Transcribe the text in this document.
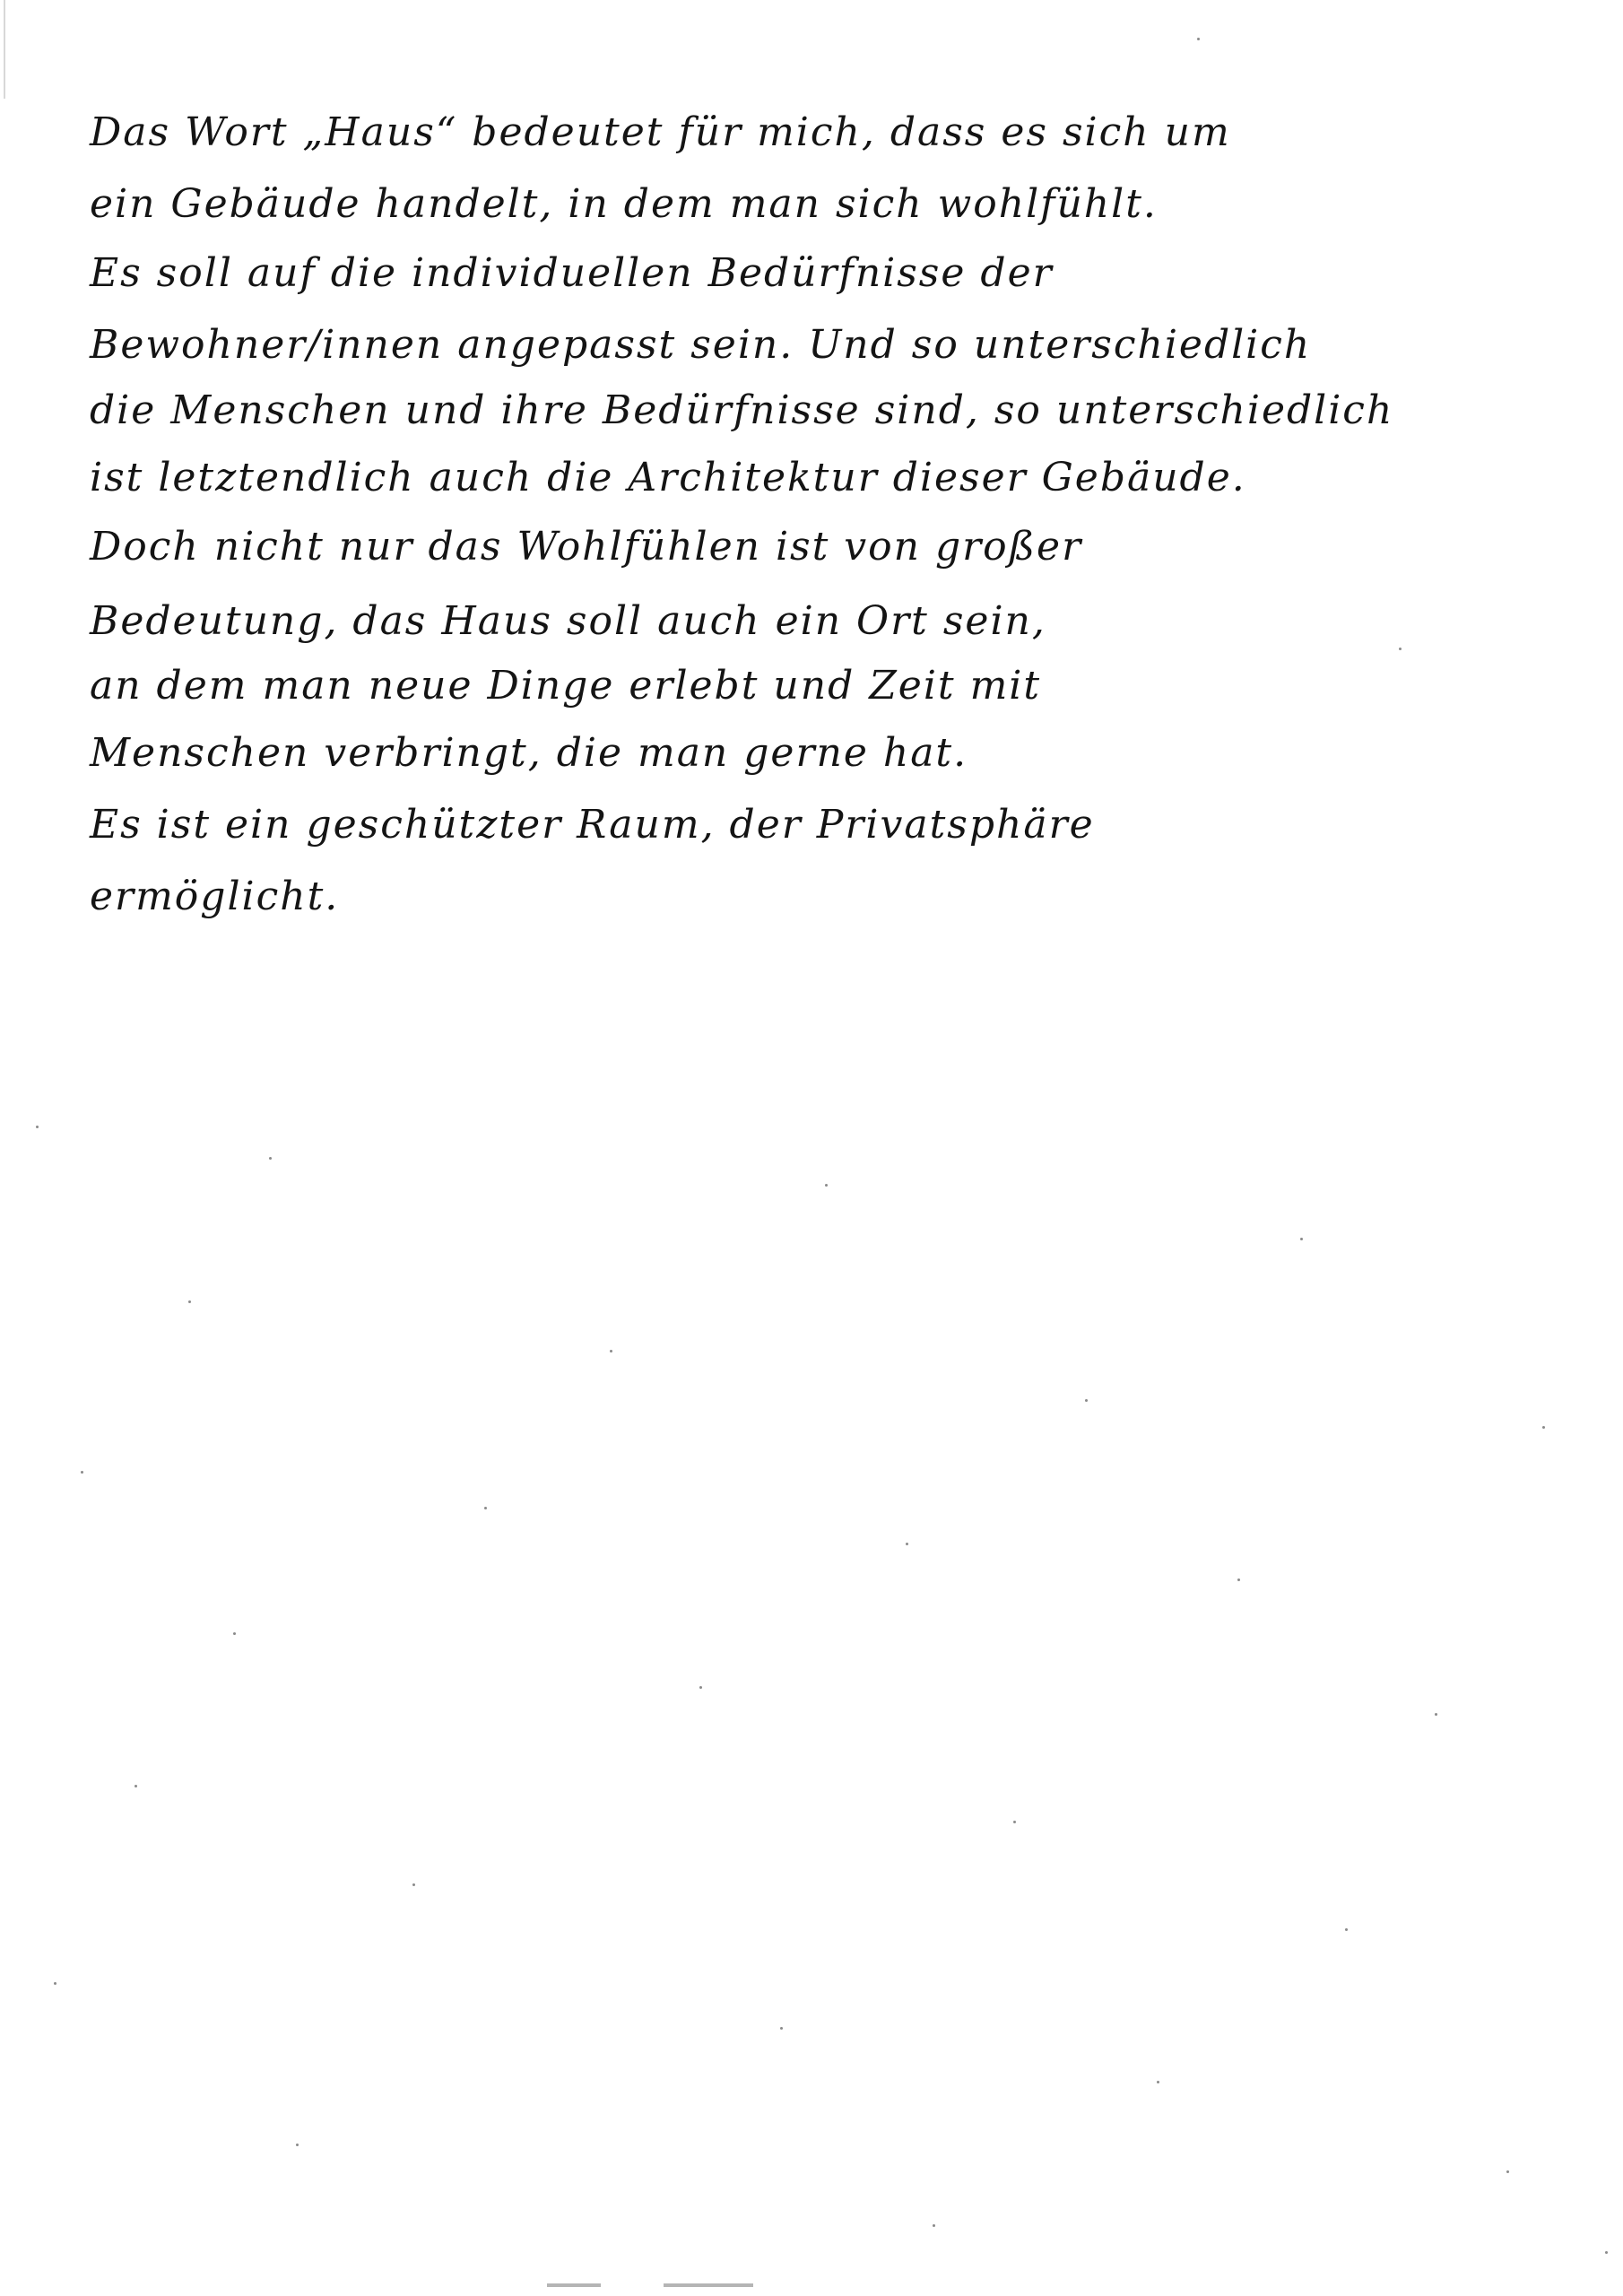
Das Wort „Haus“ bedeutet für mich, dass es sich um
ein Gebäude handelt, in dem man sich wohlfühlt.
Es soll auf die individuellen Bedürfnisse der
Bewohner/innen angepasst sein. Und so unterschiedlich
die Menschen und ihre Bedürfnisse sind, so unterschiedlich
ist letztendlich auch die Architektur dieser Gebäude.
Doch nicht nur das Wohlfühlen ist von großer
Bedeutung, das Haus soll auch ein Ort sein,
an dem man neue Dinge erlebt und Zeit mit
Menschen verbringt, die man gerne hat.
Es ist ein geschützter Raum, der Privatsphäre
ermöglicht.
